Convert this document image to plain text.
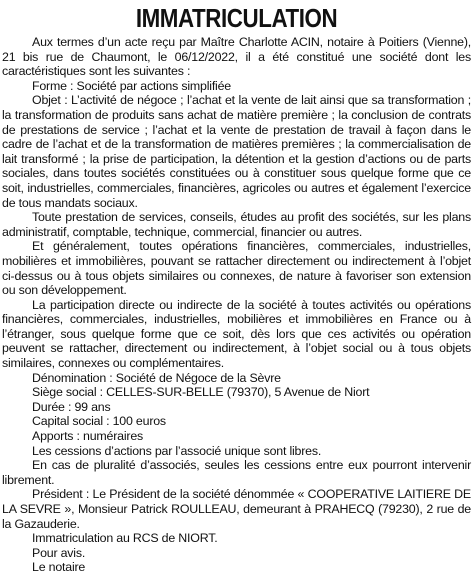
IMMATRICULATION

Aux termes d’un acte reçu par Maître Charlotte ACIN, notaire à Poitiers (Vienne), 21 bis rue de Chaumont, le 06/12/2022, il a été constitué une société dont les caractéristiques sont les suivantes :

Forme : Société par actions simplifiée

Objet : L’activité de négoce ; l’achat et la vente de lait ainsi que sa transformation ; la transformation de produits sans achat de matière première ; la conclusion de contrats de prestations de service ; l’achat et la vente de prestation de travail à façon dans le cadre de l’achat et de la transformation de matières premières ; la commercialisation de lait transformé ; la prise de participation, la détention et la gestion d’actions ou de parts sociales, dans toutes sociétés constituées ou à constituer sous quelque forme que ce soit, industrielles, commerciales, financières, agricoles ou autres et également l’exercice de tous mandats sociaux.

Toute prestation de services, conseils, études au profit des sociétés, sur les plans administratif, comptable, technique, commercial, financier ou autres.

Et généralement, toutes opérations financières, commerciales, industrielles, mobilières et immobilières, pouvant se rattacher directement ou indirectement à l’objet ci-dessus ou à tous objets similaires ou connexes, de nature à favoriser son extension ou son développement.

La participation directe ou indirecte de la société à toutes activités ou opérations financières, commerciales, industrielles, mobilières et immobilières en France ou à l’étranger, sous quelque forme que ce soit, dès lors que ces activités ou opération peuvent se rattacher, directement ou indirectement, à l’objet social ou à tous objets similaires, connexes ou complémentaires.

Dénomination : Société de Négoce de la Sèvre

Siège social : CELLES-SUR-BELLE (79370), 5 Avenue de Niort

Durée : 99 ans

Capital social : 100 euros

Apports : numéraires

Les cessions d’actions par l’associé unique sont libres.

En cas de pluralité d’associés, seules les cessions entre eux pourront intervenir librement.

Président : Le Président de la société dénommée « COOPERATIVE LAITIERE DE LA SEVRE », Monsieur Patrick ROULLEAU, demeurant à PRAHECQ (79230), 2 rue de la Gazauderie.

Immatriculation au RCS de NIORT.

Pour avis.

Le notaire
